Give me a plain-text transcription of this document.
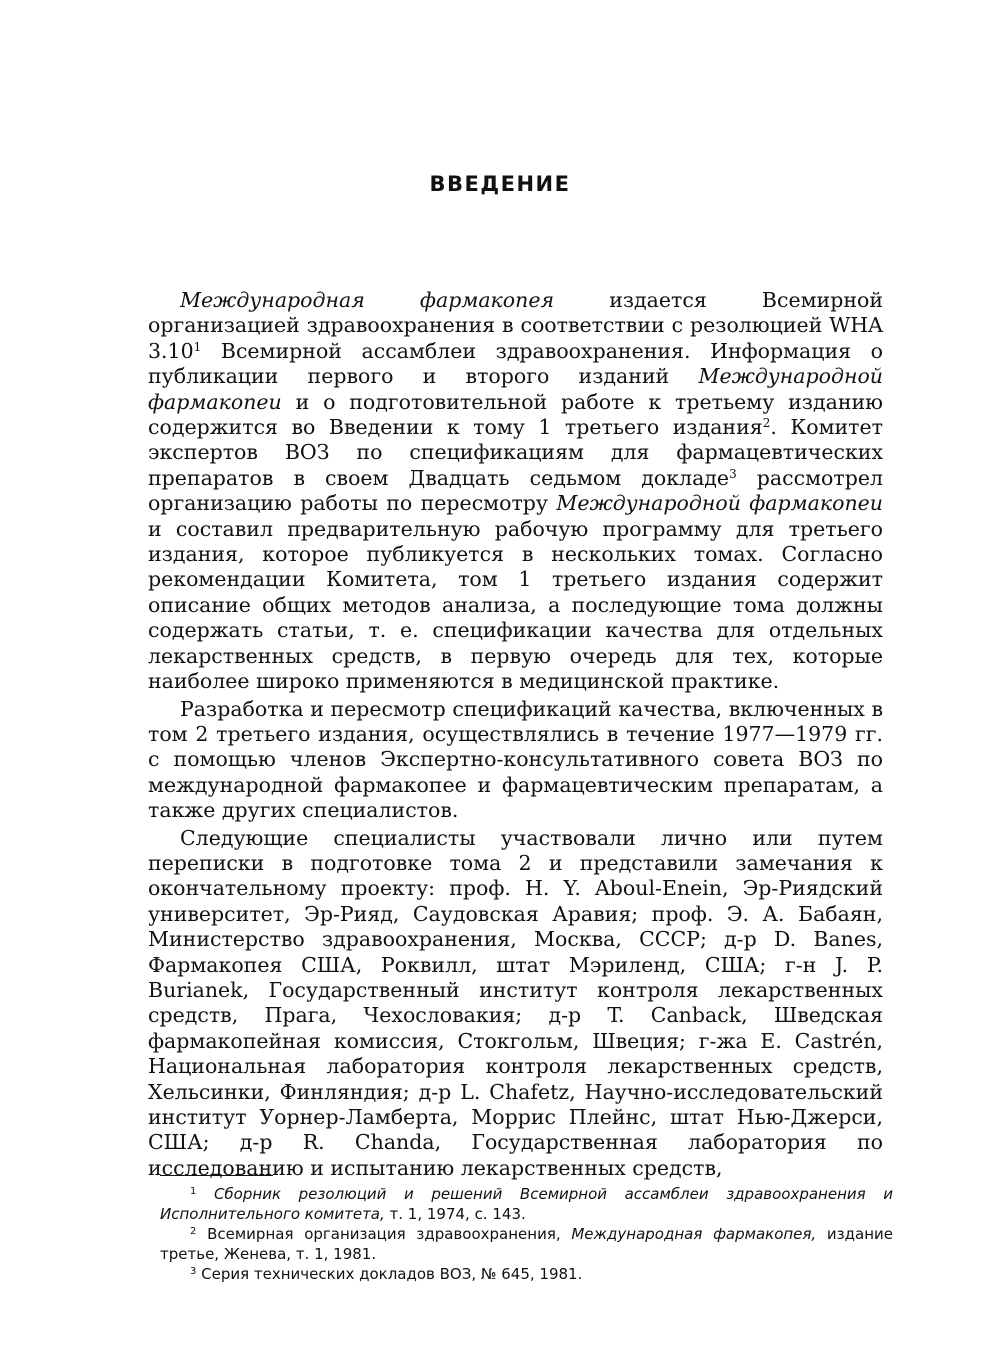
ВВЕДЕНИЕ

Международная фармакопея издается Всемирной организацией здравоохранения в соответствии с резолюцией WHA 3.10$^1$ Всемирной ассамблеи здравоохранения. Информация о публикации первого и второго изданий Международной фармакопеи и о подготовительной работе к третьему изданию содержится во Введении к тому 1 третьего издания$^2$. Комитет экспертов ВОЗ по спецификациям для фармацевтических препаратов в своем Двадцать седьмом докладе$^3$ рассмотрел организацию работы по пересмотру Международной фармакопеи и составил предварительную рабочую программу для третьего издания, которое публикуется в нескольких томах. Согласно рекомендации Комитета, том 1 третьего издания содержит описание общих методов анализа, а последующие тома должны содержать статьи, т. е. спецификации качества для отдельных лекарственных средств, в первую очередь для тех, которые наиболее широко применяются в медицинской практике.

Разработка и пересмотр спецификаций качества, включенных в том 2 третьего издания, осуществлялись в течение 1977—1979 гг. с помощью членов Экспертно-консультативного совета ВОЗ по международной фармакопее и фармацевтическим препаратам, а также других специалистов.

Следующие специалисты участвовали лично или путем переписки в подготовке тома 2 и представили замечания к окончательному проекту: проф. H. Y. Aboul-Enein, Эр-Риядский университет, Эр-Рияд, Саудовская Аравия; проф. Э. А. Бабаян, Министерство здравоохранения, Москва, СССР; д-р D. Banes, Фармакопея США, Роквилл, штат Мэриленд, США; г-н J. P. Burianek, Государственный институт контроля лекарственных средств, Прага, Чехословакия; д-р T. Canback, Шведская фармакопейная комиссия, Стокгольм, Швеция; г-жа E. Castrén, Национальная лаборатория контроля лекарственных средств, Хельсинки, Финляндия; д-р L. Chafetz, Научно-исследовательский институт Уорнер-Ламберта, Моррис Плейнс, штат Нью-Джерси, США; д-р R. Chanda, Государственная лаборатория по исследованию и испытанию лекарственных средств,

$^1$ Сборник резолюций и решений Всемирной ассамблеи здравоохранения и Исполнительного комитета, т. 1, 1974, с. 143.

$^2$ Всемирная организация здравоохранения, Международная фармакопея, издание третье, Женева, т. 1, 1981.

$^3$ Серия технических докладов ВОЗ, № 645, 1981.
